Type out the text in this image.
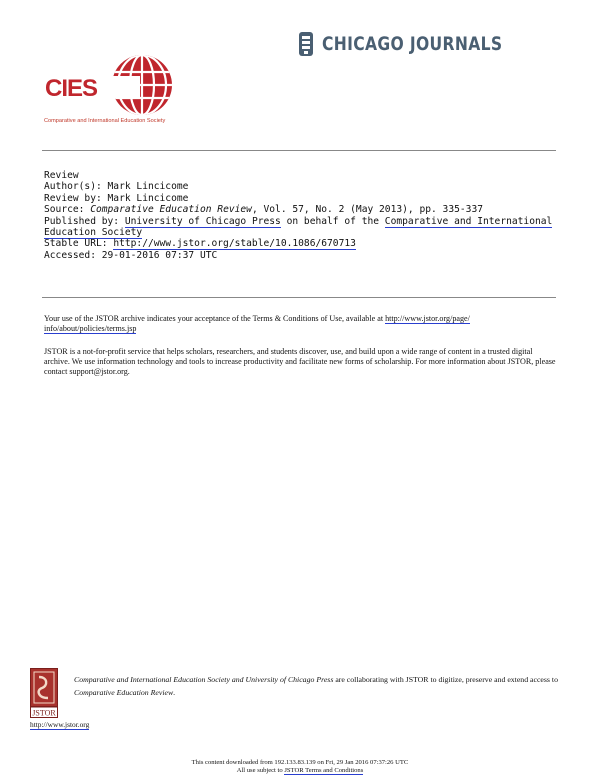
CIES
Comparative and International Education Society
CHICAGO JOURNALS
Review
Author(s): Mark Lincicome
Review by: Mark Lincicome
Source: Comparative Education Review, Vol. 57, No. 2 (May 2013), pp. 335-337
Published by: University of Chicago Press on behalf of the Comparative and International
Education Society
Stable URL: http://www.jstor.org/stable/10.1086/670713
Accessed: 29-01-2016 07:37 UTC
Your use of the JSTOR archive indicates your acceptance of the Terms & Conditions of Use, available at http://www.jstor.org/page/
info/about/policies/terms.jsp
JSTOR is a not-for-profit service that helps scholars, researchers, and students discover, use, and build upon a wide range of content in a trusted digital archive. We use information technology and tools to increase productivity and facilitate new forms of scholarship. For more information about JSTOR, please contact support@jstor.org.
JSTOR
Comparative and International Education Society and University of Chicago Press are collaborating with JSTOR to digitize, preserve and extend access to Comparative Education Review.
http://www.jstor.org
This content downloaded from 192.133.83.139 on Fri, 29 Jan 2016 07:37:26 UTC
All use subject to JSTOR Terms and Conditions
